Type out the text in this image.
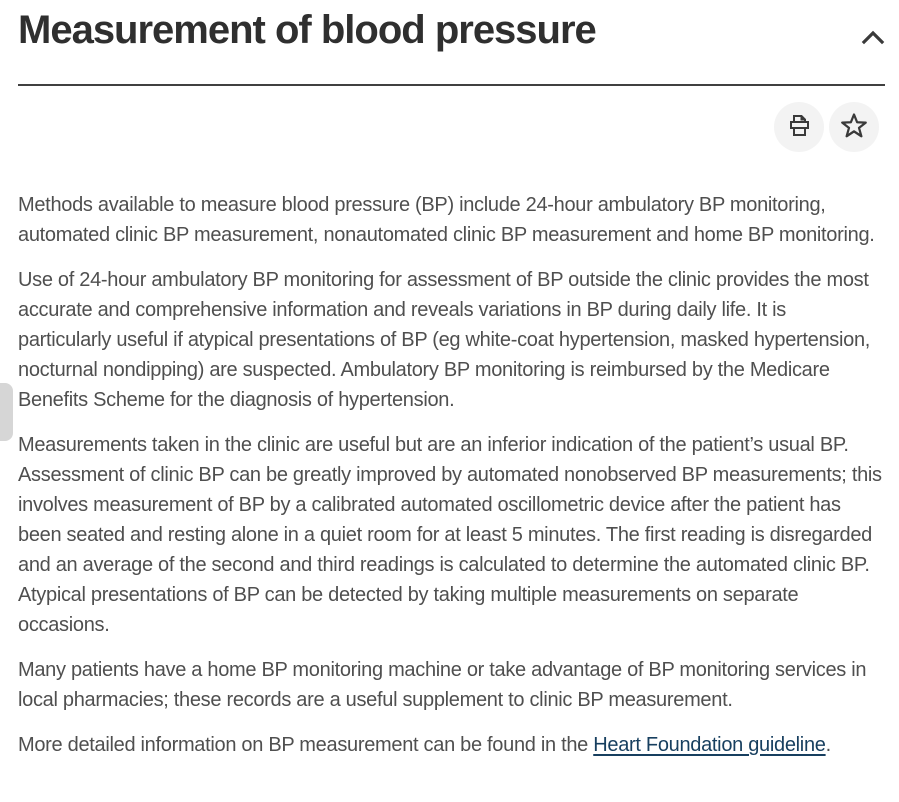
Measurement of blood pressure

Methods available to measure blood pressure (BP) include 24-hour ambulatory BP monitoring, automated clinic BP measurement, nonautomated clinic BP measurement and home BP monitoring.

Use of 24-hour ambulatory BP monitoring for assessment of BP outside the clinic provides the most accurate and comprehensive information and reveals variations in BP during daily life. It is particularly useful if atypical presentations of BP (eg white-coat hypertension, masked hypertension, nocturnal nondipping) are suspected. Ambulatory BP monitoring is reimbursed by the Medicare Benefits Scheme for the diagnosis of hypertension.

Measurements taken in the clinic are useful but are an inferior indication of the patient’s usual BP. Assessment of clinic BP can be greatly improved by automated nonobserved BP measurements; this involves measurement of BP by a calibrated automated oscillometric device after the patient has been seated and resting alone in a quiet room for at least 5 minutes. The first reading is disregarded and an average of the second and third readings is calculated to determine the automated clinic BP. Atypical presentations of BP can be detected by taking multiple measurements on separate occasions.

Many patients have a home BP monitoring machine or take advantage of BP monitoring services in local pharmacies; these records are a useful supplement to clinic BP measurement.

More detailed information on BP measurement can be found in the Heart Foundation guideline.
